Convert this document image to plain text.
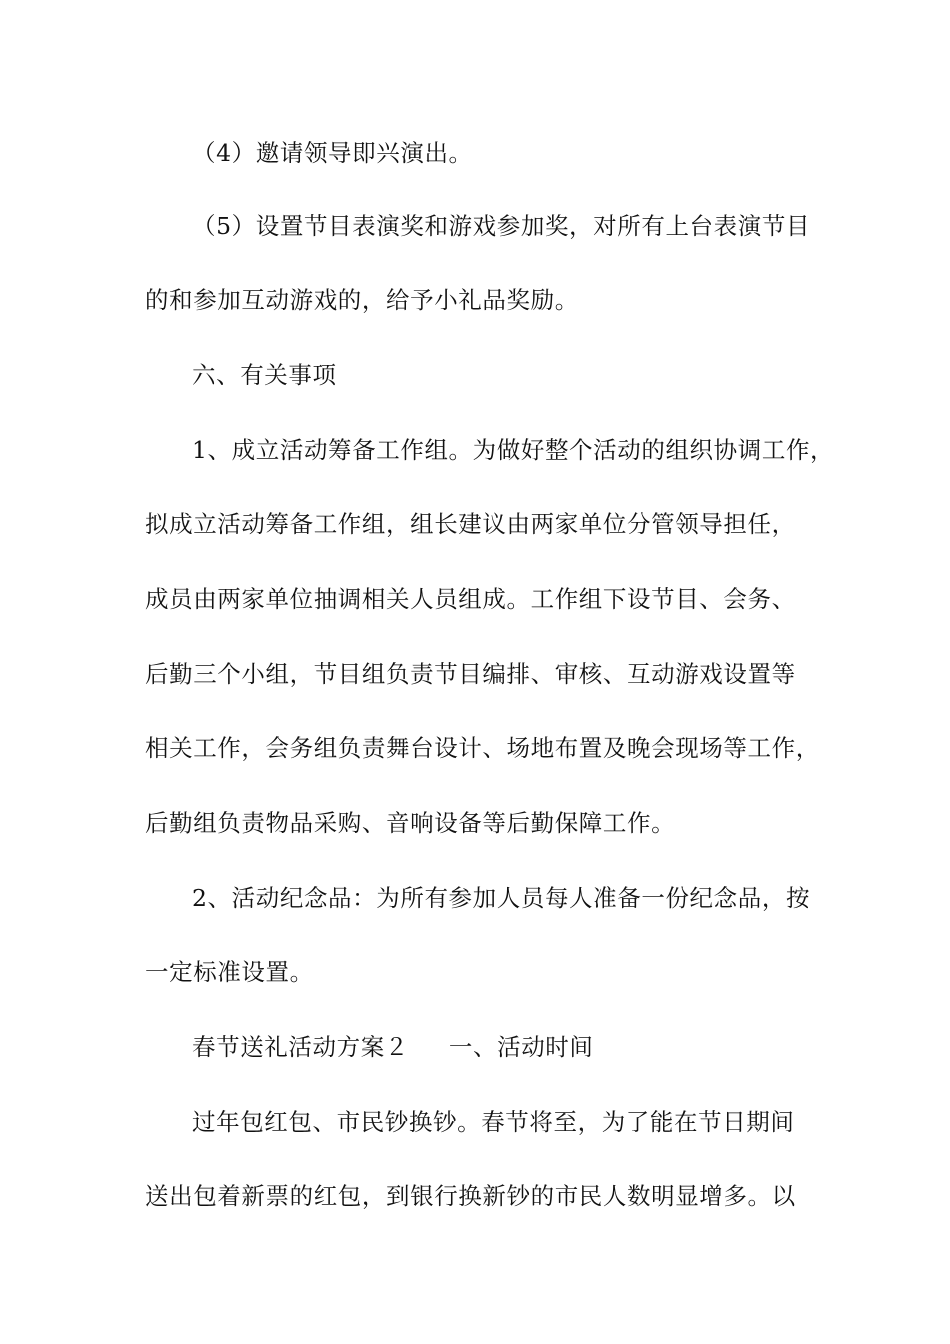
（4）邀请领导即兴演出。
（5）设置节目表演奖和游戏参加奖，对所有上台表演节目
的和参加互动游戏的，给予小礼品奖励。
六、有关事项
1、成立活动筹备工作组。为做好整个活动的组织协调工作，
拟成立活动筹备工作组，组长建议由两家单位分管领导担任，
成员由两家单位抽调相关人员组成。工作组下设节目、会务、
后勤三个小组，节目组负责节目编排、审核、互动游戏设置等
相关工作，会务组负责舞台设计、场地布置及晚会现场等工作，
后勤组负责物品采购、音响设备等后勤保障工作。
2、活动纪念品：为所有参加人员每人准备一份纪念品，按
一定标准设置。
春节送礼活动方案２ 一、活动时间
过年包红包、市民钞换钞。春节将至，为了能在节日期间
送出包着新票的红包，到银行换新钞的市民人数明显增多。以
